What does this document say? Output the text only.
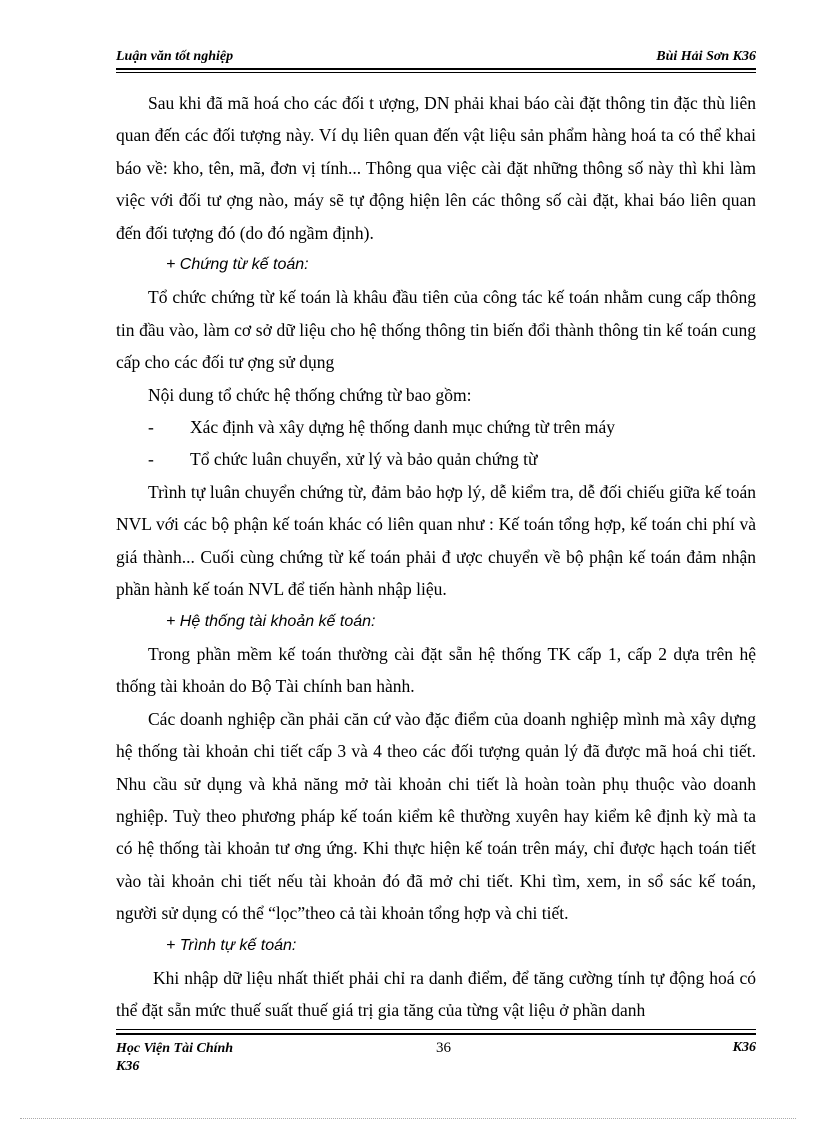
Luận văn tốt nghiệp	Bùi Hải Sơn K36

Sau khi đã mã hoá cho các đối t ượng, DN phải khai báo cài đặt thông tin đặc thù liên quan đến các đối tượng này. Ví dụ liên quan đến vật liệu sản phẩm hàng hoá ta có thể khai báo về: kho, tên, mã, đơn vị tính... Thông qua việc cài đặt những thông số này thì khi làm việc với đối tư ợng nào, máy sẽ tự động hiện lên các thông số cài đặt, khai báo liên quan đến đối tượng đó (do đó ngầm định).

+ Chứng từ kế toán:

Tổ chức chứng từ kế toán là khâu đầu tiên của công tác kế toán nhằm cung cấp thông tin đầu vào, làm cơ sở dữ liệu cho hệ thống thông tin biến đổi thành thông tin kế toán cung cấp cho các đối tư ợng sử dụng

Nội dung tổ chức hệ thống chứng từ bao gồm:

- Xác định và xây dựng hệ thống danh mục chứng từ trên máy

- Tổ chức luân chuyển, xử lý và bảo quản chứng từ

Trình tự luân chuyển chứng từ, đảm bảo hợp lý, dễ kiểm tra, dễ đối chiếu giữa kế toán NVL với các bộ phận kế toán khác có liên quan như : Kế toán tổng hợp, kế toán chi phí và giá thành... Cuối cùng chứng từ kế toán phải đ ược chuyển về bộ phận kế toán đảm nhận phần hành kế toán NVL để tiến hành nhập liệu.

+ Hệ thống tài khoản kế toán:

Trong phần mềm kế toán thường cài đặt sẵn hệ thống TK cấp 1, cấp 2 dựa trên hệ thống tài khoản do Bộ Tài chính ban hành.

Các doanh nghiệp cần phải căn cứ vào đặc điểm của doanh nghiệp mình mà xây dựng hệ thống tài khoản chi tiết cấp 3 và 4 theo các đối tượng quản lý đã được mã hoá chi tiết. Nhu cầu sử dụng và khả năng mở tài khoản chi tiết là hoàn toàn phụ thuộc vào doanh nghiệp. Tuỳ theo phương pháp kế toán kiểm kê thường xuyên hay kiểm kê định kỳ mà ta có hệ thống tài khoản tư ơng ứng. Khi thực hiện kế toán trên máy, chỉ được hạch toán tiết vào tài khoản chi tiết nếu tài khoản đó đã mở chi tiết. Khi tìm, xem, in sổ sác kế toán, người sử dụng có thể “lọc”theo cả tài khoản tổng hợp và chi tiết.

+ Trình tự kế toán:

Khi nhập dữ liệu nhất thiết phải chỉ ra danh điểm, để tăng cường tính tự động hoá có thể đặt sẵn mức thuế suất thuế giá trị gia tăng của từng vật liệu ở phần danh

Học Viện Tài Chính
K36
36	K36
